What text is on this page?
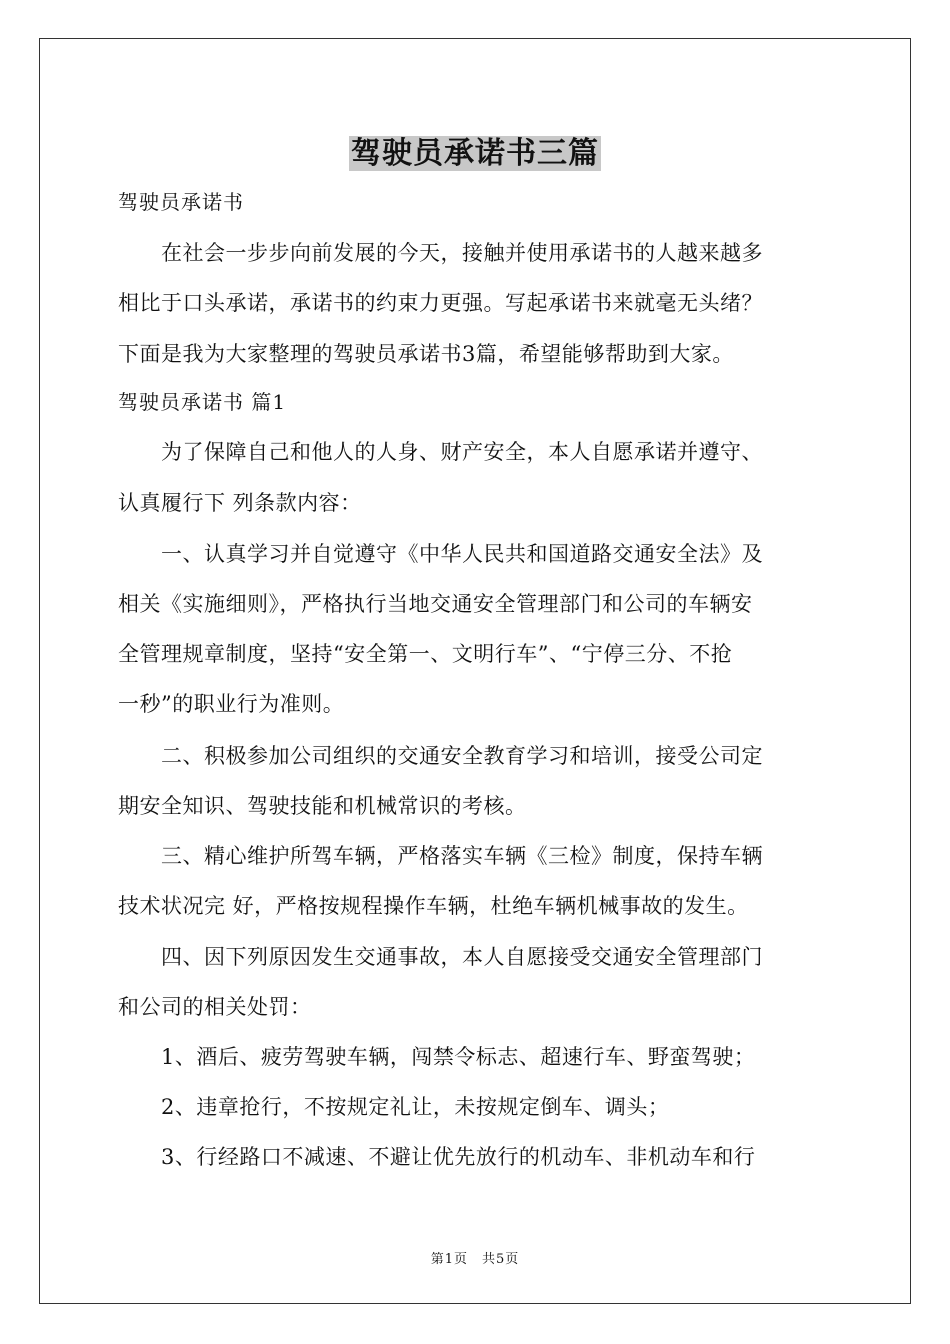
驾驶员承诺书三篇
驾驶员承诺书
　　在社会一步步向前发展的今天，接触并使用承诺书的人越来越多
相比于口头承诺，承诺书的约束力更强。写起承诺书来就毫无头绪？
下面是我为大家整理的驾驶员承诺书3篇，希望能够帮助到大家。
驾驶员承诺书 篇1
　　为了保障自己和他人的人身、财产安全，本人自愿承诺并遵守、
认真履行下 列条款内容：
　　一、认真学习并自觉遵守《中华人民共和国道路交通安全法》及
相关《实施细则》，严格执行当地交通安全管理部门和公司的车辆安
全管理规章制度，坚持“安全第一、文明行车”、“宁停三分、不抢
一秒”的职业行为准则。
　　二、积极参加公司组织的交通安全教育学习和培训，接受公司定
期安全知识、驾驶技能和机械常识的考核。
　　三、精心维护所驾车辆，严格落实车辆《三检》制度，保持车辆
技术状况完 好，严格按规程操作车辆，杜绝车辆机械事故的发生。
　　四、因下列原因发生交通事故，本人自愿接受交通安全管理部门
和公司的相关处罚：
　　1、酒后、疲劳驾驶车辆，闯禁令标志、超速行车、野蛮驾驶；
　　2、违章抢行，不按规定礼让，未按规定倒车、调头；
　　3、行经路口不减速、不避让优先放行的机动车、非机动车和行
第1页　共5页
